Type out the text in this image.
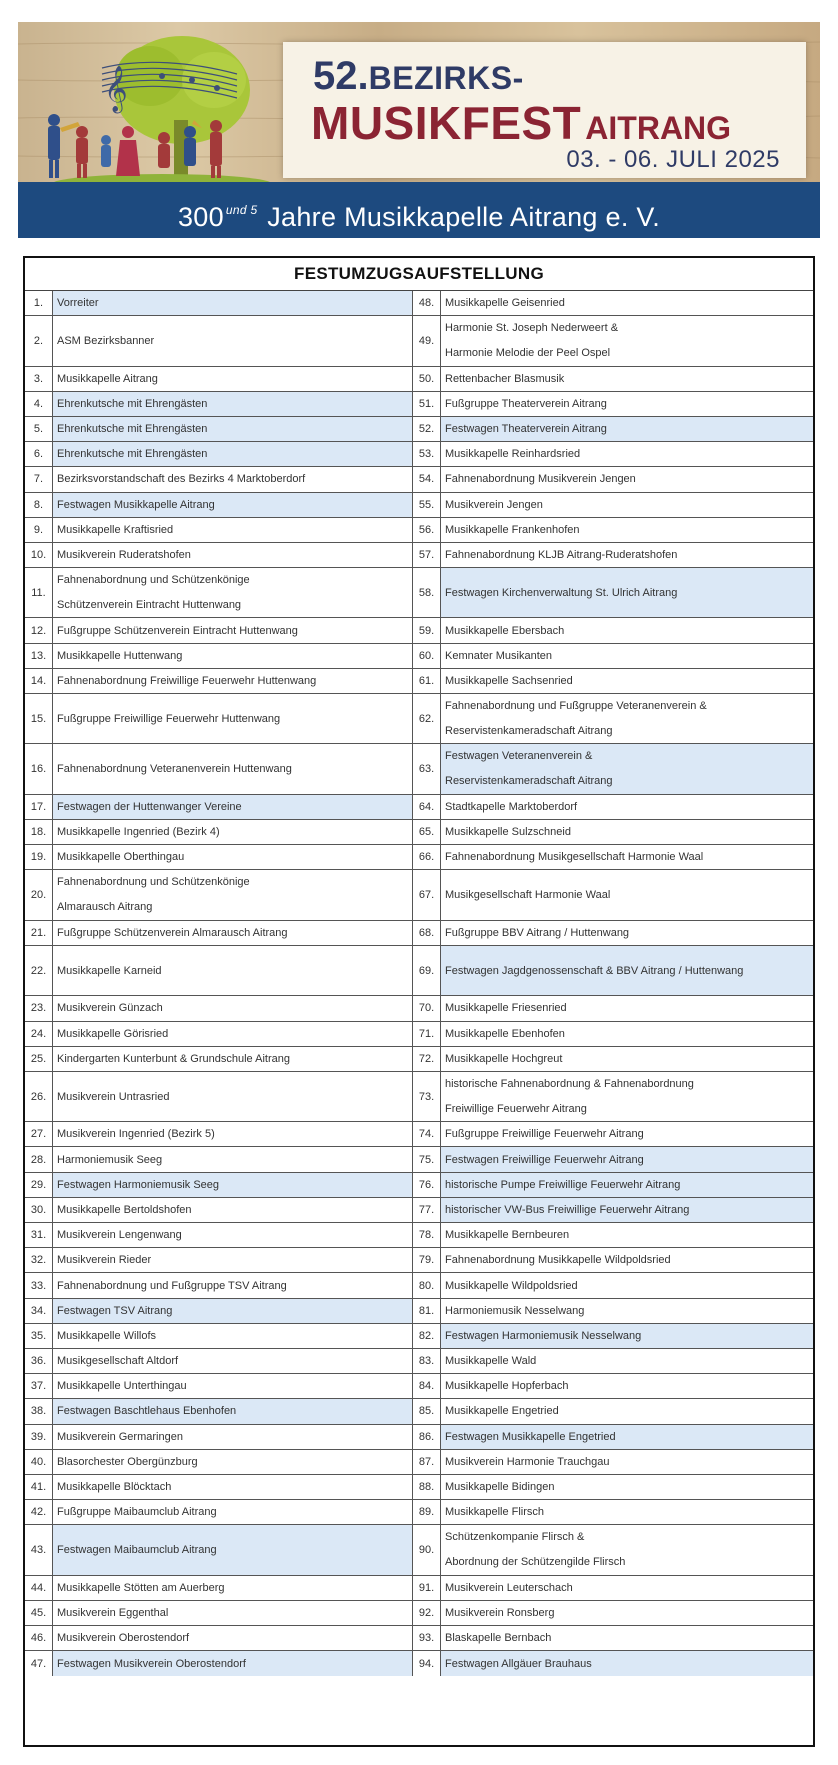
𝄞	52.BEZIRKS-
MUSIKFEST AITRANG
03. - 06. JULI 2025
300 $^{und 5}$ Jahre Musikkapelle Aitrang e. V.
FESTUMZUGSAUFSTELLUNG
1.	Vorreiter	48. Musikkapelle Geisenried
2.	ASM Bezirksbanner	49.
Harmonie St. Joseph Nederweert &
Harmonie Melodie der Peel Ospel
3.	Musikkapelle Aitrang	50. Rettenbacher Blasmusik
4.	Ehrenkutsche mit Ehrengästen	51. Fußgruppe Theaterverein Aitrang
5.	Ehrenkutsche mit Ehrengästen	52. Festwagen Theaterverein Aitrang
6.	Ehrenkutsche mit Ehrengästen	53. Musikkapelle Reinhardsried
7.	Bezirksvorstandschaft des Bezirks 4 Marktoberdorf	54. Fahnenabordnung Musikverein Jengen
8.	Festwagen Musikkapelle Aitrang	55. Musikverein Jengen
9.	Musikkapelle Kraftisried	56. Musikkapelle Frankenhofen
10. Musikverein Ruderatshofen	57. Fahnenabordnung KLJB Aitrang-Ruderatshofen
11.
Fahnenabordnung und Schützenkönige
Schützenverein Eintracht Huttenwang
58. Festwagen Kirchenverwaltung St. Ulrich Aitrang
12. Fußgruppe Schützenverein Eintracht Huttenwang	59. Musikkapelle Ebersbach
13. Musikkapelle Huttenwang	60. Kemnater Musikanten
14. Fahnenabordnung Freiwillige Feuerwehr Huttenwang	61. Musikkapelle Sachsenried
15. Fußgruppe Freiwillige Feuerwehr Huttenwang	62.
Fahnenabordnung und Fußgruppe Veteranenverein &
Reservistenkameradschaft Aitrang
16. Fahnenabordnung Veteranenverein Huttenwang	63.
Festwagen Veteranenverein &
Reservistenkameradschaft Aitrang
17. Festwagen der Huttenwanger Vereine	64. Stadtkapelle Marktoberdorf
18. Musikkapelle Ingenried (Bezirk 4)	65. Musikkapelle Sulzschneid
19. Musikkapelle Oberthingau	66. Fahnenabordnung Musikgesellschaft Harmonie Waal
20.
Fahnenabordnung und Schützenkönige
Almarausch Aitrang
67. Musikgesellschaft Harmonie Waal
21. Fußgruppe Schützenverein Almarausch Aitrang	68. Fußgruppe BBV Aitrang / Huttenwang
22. Musikkapelle Karneid	69. Festwagen Jagdgenossenschaft & BBV Aitrang / Huttenwang
23. Musikverein Günzach	70. Musikkapelle Friesenried
24. Musikkapelle Görisried	71. Musikkapelle Ebenhofen
25. Kindergarten Kunterbunt & Grundschule Aitrang	72. Musikkapelle Hochgreut
26. Musikverein Untrasried	73.
historische Fahnenabordnung & Fahnenabordnung
Freiwillige Feuerwehr Aitrang
27. Musikverein Ingenried (Bezirk 5)	74. Fußgruppe Freiwillige Feuerwehr Aitrang
28. Harmoniemusik Seeg	75. Festwagen Freiwillige Feuerwehr Aitrang
29. Festwagen Harmoniemusik Seeg	76. historische Pumpe Freiwillige Feuerwehr Aitrang
30. Musikkapelle Bertoldshofen	77. historischer VW-Bus Freiwillige Feuerwehr Aitrang
31. Musikverein Lengenwang	78. Musikkapelle Bernbeuren
32. Musikverein Rieder	79. Fahnenabordnung Musikkapelle Wildpoldsried
33. Fahnenabordnung und Fußgruppe TSV Aitrang	80. Musikkapelle Wildpoldsried
34. Festwagen TSV Aitrang	81. Harmoniemusik Nesselwang
35. Musikkapelle Willofs	82. Festwagen Harmoniemusik Nesselwang
36. Musikgesellschaft Altdorf	83. Musikkapelle Wald
37. Musikkapelle Unterthingau	84. Musikkapelle Hopferbach
38. Festwagen Baschtlehaus Ebenhofen	85. Musikkapelle Engetried
39. Musikverein Germaringen	86. Festwagen Musikkapelle Engetried
40. Blasorchester Obergünzburg	87. Musikverein Harmonie Trauchgau
41. Musikkapelle Blöcktach	88. Musikkapelle Bidingen
42. Fußgruppe Maibaumclub Aitrang	89. Musikkapelle Flirsch
43. Festwagen Maibaumclub Aitrang	90.
Schützenkompanie Flirsch &
Abordnung der Schützengilde Flirsch
44. Musikkapelle Stötten am Auerberg	91. Musikverein Leuterschach
45. Musikverein Eggenthal	92. Musikverein Ronsberg
46. Musikverein Oberostendorf	93. Blaskapelle Bernbach
47. Festwagen Musikverein Oberostendorf	94. Festwagen Allgäuer Brauhaus
